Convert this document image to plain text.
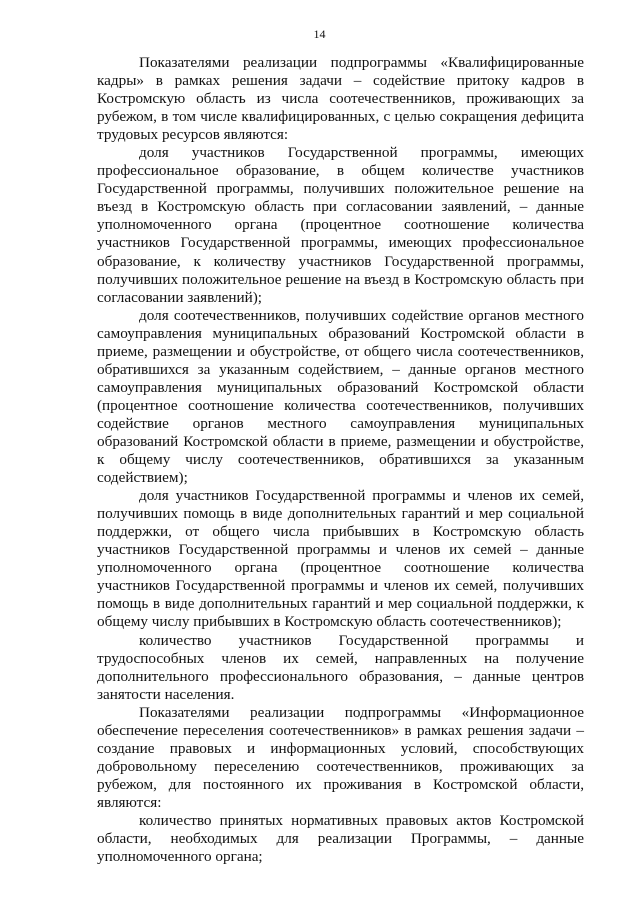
14

Показателями реализации подпрограммы «Квалифицированные кадры» в рамках решения задачи – содействие притоку кадров в Костромскую область из числа соотечественников, проживающих за рубежом, в том числе квалифицированных, с целью сокращения дефицита трудовых ресурсов являются:

доля участников Государственной программы, имеющих профессиональное образование, в общем количестве участников Государственной программы, получивших положительное решение на въезд в Костромскую область при согласовании заявлений, – данные уполномоченного органа (процентное соотношение количества участников Государственной программы, имеющих профессиональное образование, к количеству участников Государственной программы, получивших положительное решение на въезд в Костромскую область при согласовании заявлений);

доля соотечественников, получивших содействие органов местного самоуправления муниципальных образований Костромской области в приеме, размещении и обустройстве, от общего числа соотечественников, обратившихся за указанным содействием, – данные органов местного самоуправления муниципальных образований Костромской области (процентное соотношение количества соотечественников, получивших содействие органов местного самоуправления муниципальных образований Костромской области в приеме, размещении и обустройстве, к общему числу соотечественников, обратившихся за указанным содействием);

доля участников Государственной программы и членов их семей, получивших помощь в виде дополнительных гарантий и мер социальной поддержки, от общего числа прибывших в Костромскую область участников Государственной программы и членов их семей – данные уполномоченного органа (процентное соотношение количества участников Государственной программы и членов их семей, получивших помощь в виде дополнительных гарантий и мер социальной поддержки, к общему числу прибывших в Костромскую область соотечественников);

количество участников Государственной программы и трудоспособных членов их семей, направленных на получение дополнительного профессионального образования, – данные центров занятости населения.

Показателями реализации подпрограммы «Информационное обеспечение переселения соотечественников» в рамках решения задачи – создание правовых и информационных условий, способствующих добровольному переселению соотечественников, проживающих за рубежом, для постоянного их проживания в Костромской области, являются:

количество принятых нормативных правовых актов Костромской области, необходимых для реализации Программы, – данные уполномоченного органа;
